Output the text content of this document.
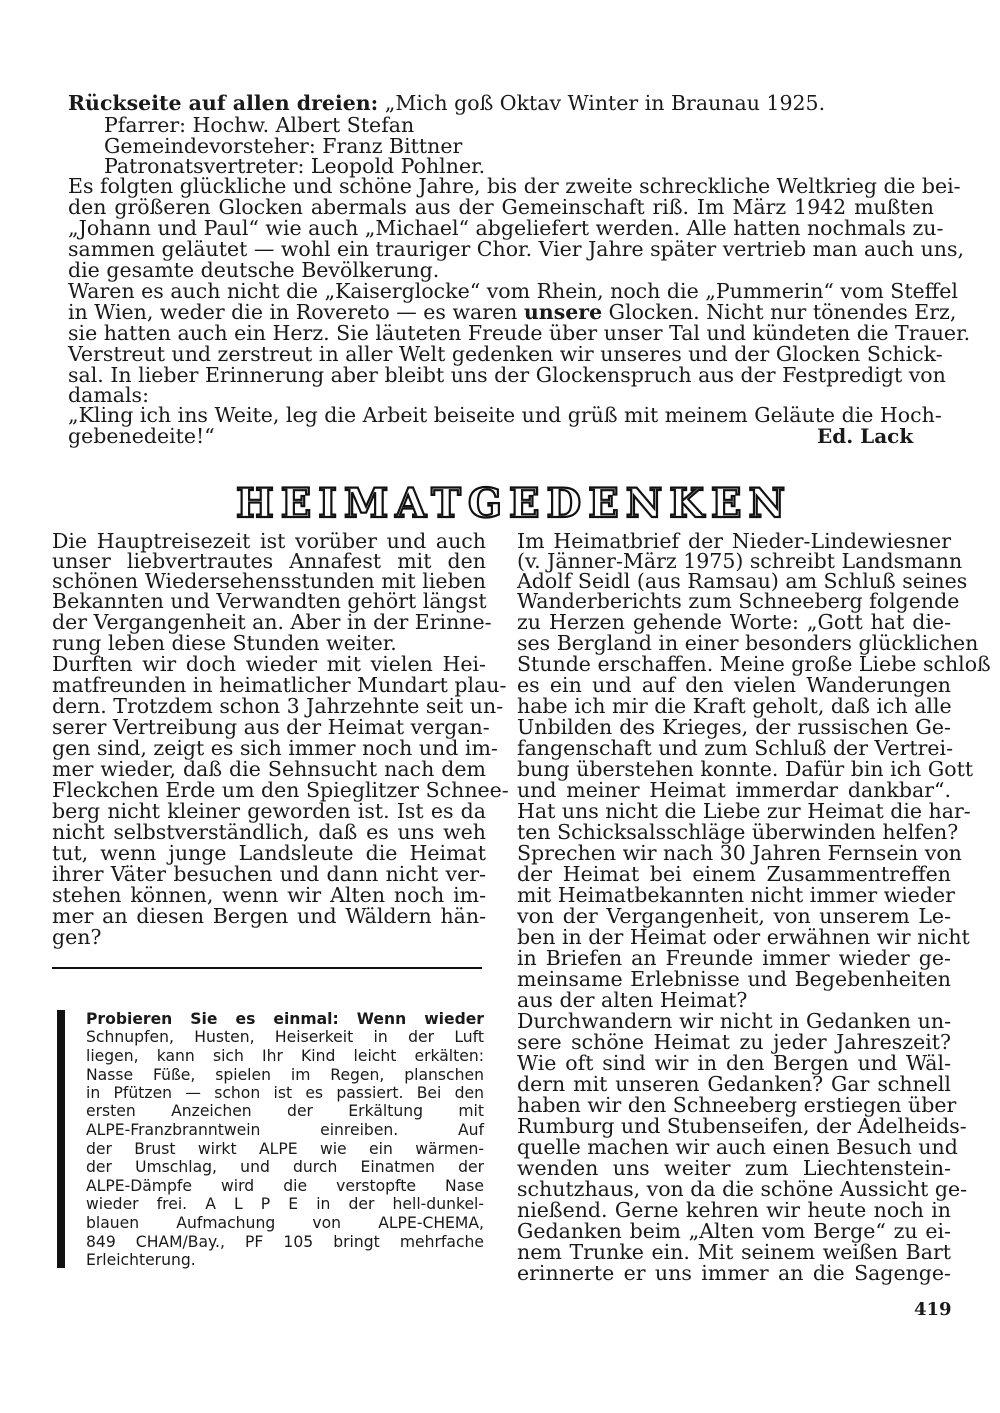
Rückseite auf allen dreien: „Mich goß Oktav Winter in Braunau 1925.
Pfarrer: Hochw. Albert Stefan
Gemeindevorsteher: Franz Bittner
Patronatsvertreter: Leopold Pohlner.
Es folgten glückliche und schöne Jahre, bis der zweite schreckliche Weltkrieg die bei-
den größeren Glocken abermals aus der Gemeinschaft riß. Im März 1942 mußten
„Johann und Paul“ wie auch „Michael“ abgeliefert werden. Alle hatten nochmals zu-
sammen geläutet — wohl ein trauriger Chor. Vier Jahre später vertrieb man auch uns,
die gesamte deutsche Bevölkerung.
Waren es auch nicht die „Kaiserglocke“ vom Rhein, noch die „Pummerin“ vom Steffel
in Wien, weder die in Rovereto — es waren unsere Glocken. Nicht nur tönendes Erz,
sie hatten auch ein Herz. Sie läuteten Freude über unser Tal und kündeten die Trauer.
Verstreut und zerstreut in aller Welt gedenken wir unseres und der Glocken Schick-
sal. In lieber Erinnerung aber bleibt uns der Glockenspruch aus der Festpredigt von
damals:
„Kling ich ins Weite, leg die Arbeit beiseite und grüß mit meinem Geläute die Hoch-
gebenedeite!“	Ed. Lack
HEIMATGEDENKEN
Die Hauptreisezeit ist vorüber und auch
unser liebvertrautes Annafest mit den
schönen Wiedersehensstunden mit lieben
Bekannten und Verwandten gehört längst
der Vergangenheit an. Aber in der Erinne-
rung leben diese Stunden weiter.
Durften wir doch wieder mit vielen Hei-
matfreunden in heimatlicher Mundart plau-
dern. Trotzdem schon 3 Jahrzehnte seit un-
serer Vertreibung aus der Heimat vergan-
gen sind, zeigt es sich immer noch und im-
mer wieder, daß die Sehnsucht nach dem
Fleckchen Erde um den Spieglitzer Schnee-
berg nicht kleiner geworden ist. Ist es da
nicht selbstverständlich, daß es uns weh
tut, wenn junge Landsleute die Heimat
ihrer Väter besuchen und dann nicht ver-
stehen können, wenn wir Alten noch im-
mer an diesen Bergen und Wäldern hän-
gen?
Probieren Sie es einmal: Wenn wieder
Schnupfen, Husten, Heiserkeit in der Luft
liegen, kann sich Ihr Kind leicht erkälten:
Nasse Füße, spielen im Regen, planschen
in Pfützen — schon ist es passiert. Bei den
ersten Anzeichen der Erkältung mit
ALPE-Franzbranntwein einreiben. Auf
der Brust wirkt ALPE wie ein wärmen-
der Umschlag, und durch Einatmen der
ALPE-Dämpfe wird die verstopfte Nase
wieder frei. A L P E in der hell-dunkel-
blauen Aufmachung von ALPE-CHEMA,
849 CHAM/Bay., PF 105 bringt mehrfache
Erleichterung.
Im Heimatbrief der Nieder-Lindewiesner
(v. Jänner-März 1975) schreibt Landsmann
Adolf Seidl (aus Ramsau) am Schluß seines
Wanderberichts zum Schneeberg folgende
zu Herzen gehende Worte: „Gott hat die-
ses Bergland in einer besonders glücklichen
Stunde erschaffen. Meine große Liebe schloß
es ein und auf den vielen Wanderungen
habe ich mir die Kraft geholt, daß ich alle
Unbilden des Krieges, der russischen Ge-
fangenschaft und zum Schluß der Vertrei-
bung überstehen konnte. Dafür bin ich Gott
und meiner Heimat immerdar dankbar“.
Hat uns nicht die Liebe zur Heimat die har-
ten Schicksalsschläge überwinden helfen?
Sprechen wir nach 30 Jahren Fernsein von
der Heimat bei einem Zusammentreffen
mit Heimatbekannten nicht immer wieder
von der Vergangenheit, von unserem Le-
ben in der Heimat oder erwähnen wir nicht
in Briefen an Freunde immer wieder ge-
meinsame Erlebnisse und Begebenheiten
aus der alten Heimat?
Durchwandern wir nicht in Gedanken un-
sere schöne Heimat zu jeder Jahreszeit?
Wie oft sind wir in den Bergen und Wäl-
dern mit unseren Gedanken? Gar schnell
haben wir den Schneeberg erstiegen über
Rumburg und Stubenseifen, der Adelheids-
quelle machen wir auch einen Besuch und
wenden uns weiter zum Liechtenstein-
schutzhaus, von da die schöne Aussicht ge-
nießend. Gerne kehren wir heute noch in
Gedanken beim „Alten vom Berge“ zu ei-
nem Trunke ein. Mit seinem weißen Bart
erinnerte er uns immer an die Sagenge-
419
